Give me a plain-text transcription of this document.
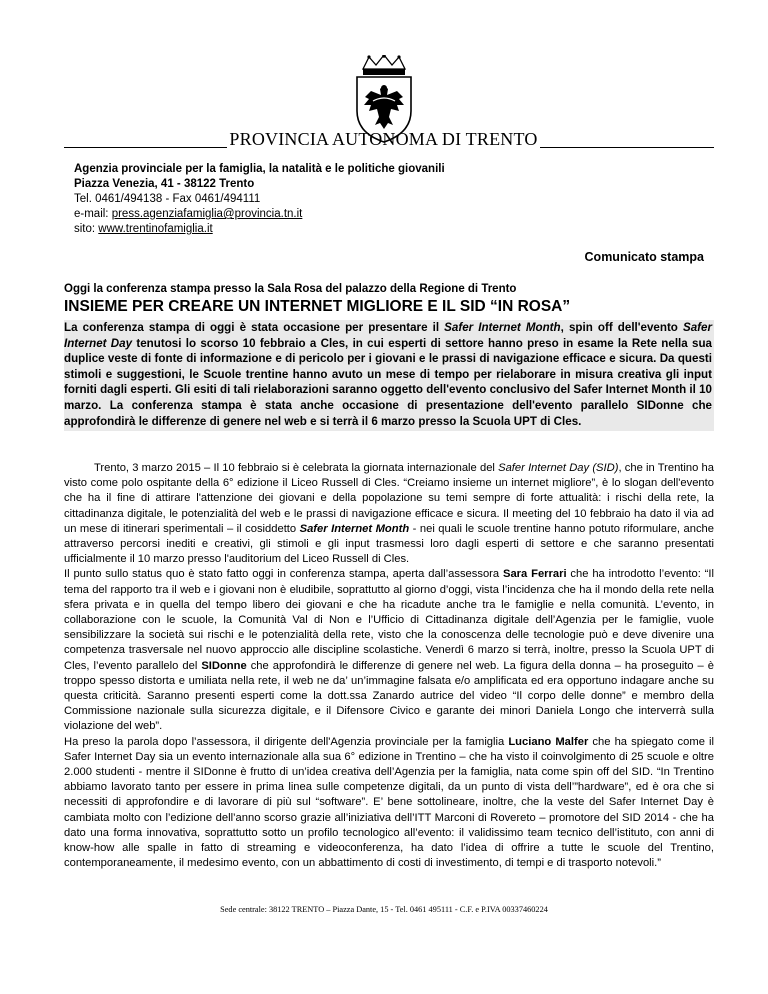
PROVINCIA AUTONOMA DI TRENTO
Agenzia provinciale per la famiglia, la natalità e le politiche giovanili
Piazza Venezia, 41 - 38122 Trento
Tel. 0461/494138 - Fax 0461/494111
e-mail: press.agenziafamiglia@provincia.tn.it
sito: www.trentinofamiglia.it
Comunicato stampa
Oggi la conferenza stampa presso la Sala Rosa del palazzo della Regione di Trento
INSIEME PER CREARE UN INTERNET MIGLIORE E IL SID “IN ROSA”
La conferenza stampa di oggi è stata occasione per presentare il Safer Internet Month, spin off dell'evento Safer Internet Day tenutosi lo scorso 10 febbraio a Cles, in cui esperti di settore hanno preso in esame la Rete nella sua duplice veste di fonte di informazione e di pericolo per i giovani e le prassi di navigazione efficace e sicura. Da questi stimoli e suggestioni, le Scuole trentine hanno avuto un mese di tempo per rielaborare in misura creativa gli input forniti dagli esperti. Gli esiti di tali rielaborazioni saranno oggetto dell'evento conclusivo del Safer Internet Month il 10 marzo. La conferenza stampa è stata anche occasione di presentazione dell'evento parallelo SIDonne che approfondirà le differenze di genere nel web e si terrà il 6 marzo presso la Scuola UPT di Cles.

Trento, 3 marzo 2015 – Il 10 febbraio si è celebrata la giornata internazionale del Safer Internet Day (SID), che in Trentino ha visto come polo ospitante della 6° edizione il Liceo Russell di Cles. “Creiamo insieme un internet migliore”, è lo slogan dell'evento che ha il fine di attirare l'attenzione dei giovani e della popolazione su temi sempre di forte attualità: i rischi della rete, la cittadinanza digitale, le potenzialità del web e le prassi di navigazione efficace e sicura. Il meeting del 10 febbraio ha dato il via ad un mese di itinerari sperimentali – il cosiddetto Safer Internet Month - nei quali le scuole trentine hanno potuto riformulare, anche attraverso percorsi inediti e creativi, gli stimoli e gli input trasmessi loro dagli esperti di settore e che saranno presentati ufficialmente il 10 marzo presso l'auditorium del Liceo Russell di Cles.

Il punto sullo status quo è stato fatto oggi in conferenza stampa, aperta dall’assessora Sara Ferrari che ha introdotto l’evento: “Il tema del rapporto tra il web e i giovani non è eludibile, soprattutto al giorno d’oggi, vista l’incidenza che ha il mondo della rete nella sfera privata e in quella del tempo libero dei giovani e che ha ricadute anche tra le famiglie e nella comunità. L’evento, in collaborazione con le scuole, la Comunità Val di Non e l’Ufficio di Cittadinanza digitale dell’Agenzia per le famiglie, vuole sensibilizzare la società sui rischi e le potenzialità della rete, visto che la conoscenza delle tecnologie può e deve divenire una competenza trasversale nel nuovo approccio alle discipline scolastiche. Venerdì 6 marzo si terrà, inoltre, presso la Scuola UPT di Cles, l’evento parallelo del SIDonne che approfondirà le differenze di genere nel web. La figura della donna – ha proseguito – è troppo spesso distorta e umiliata nella rete, il web ne da’ un’immagine falsata e/o amplificata ed era opportuno indagare anche su questa criticità. Saranno presenti esperti come la dott.ssa Zanardo autrice del video “Il corpo delle donne” e membro della Commissione nazionale sulla sicurezza digitale, e il Difensore Civico e garante dei minori Daniela Longo che interverrà sulla violazione del web”.

Ha preso la parola dopo l’assessora, il dirigente dell'Agenzia provinciale per la famiglia Luciano Malfer che ha spiegato come il Safer Internet Day sia un evento internazionale alla sua 6° edizione in Trentino – che ha visto il coinvolgimento di 25 scuole e oltre 2.000 studenti - mentre il SIDonne è frutto di un’idea creativa dell’Agenzia per la famiglia, nata come spin off del SID. “In Trentino abbiamo lavorato tanto per essere in prima linea sulle competenze digitali, da un punto di vista dell’”hardware”, ed è ora che si necessiti di approfondire e di lavorare di più sul “software”. E’ bene sottolineare, inoltre, che la veste del Safer Internet Day è cambiata molto con l’edizione dell’anno scorso grazie all’iniziativa dell’ITT Marconi di Rovereto – promotore del SID 2014 - che ha dato una forma innovativa, soprattutto sotto un profilo tecnologico all’evento: il validissimo team tecnico dell’istituto, con anni di know-how alle spalle in fatto di streaming e videoconferenza, ha dato l’idea di offrire a tutte le scuole del Trentino, contemporaneamente, il medesimo evento, con un abbattimento di costi di investimento, di tempi e di trasporto notevoli.”

Sede centrale: 38122 TRENTO – Piazza Dante, 15 - Tel. 0461 495111 - C.F. e P.IVA 00337460224
